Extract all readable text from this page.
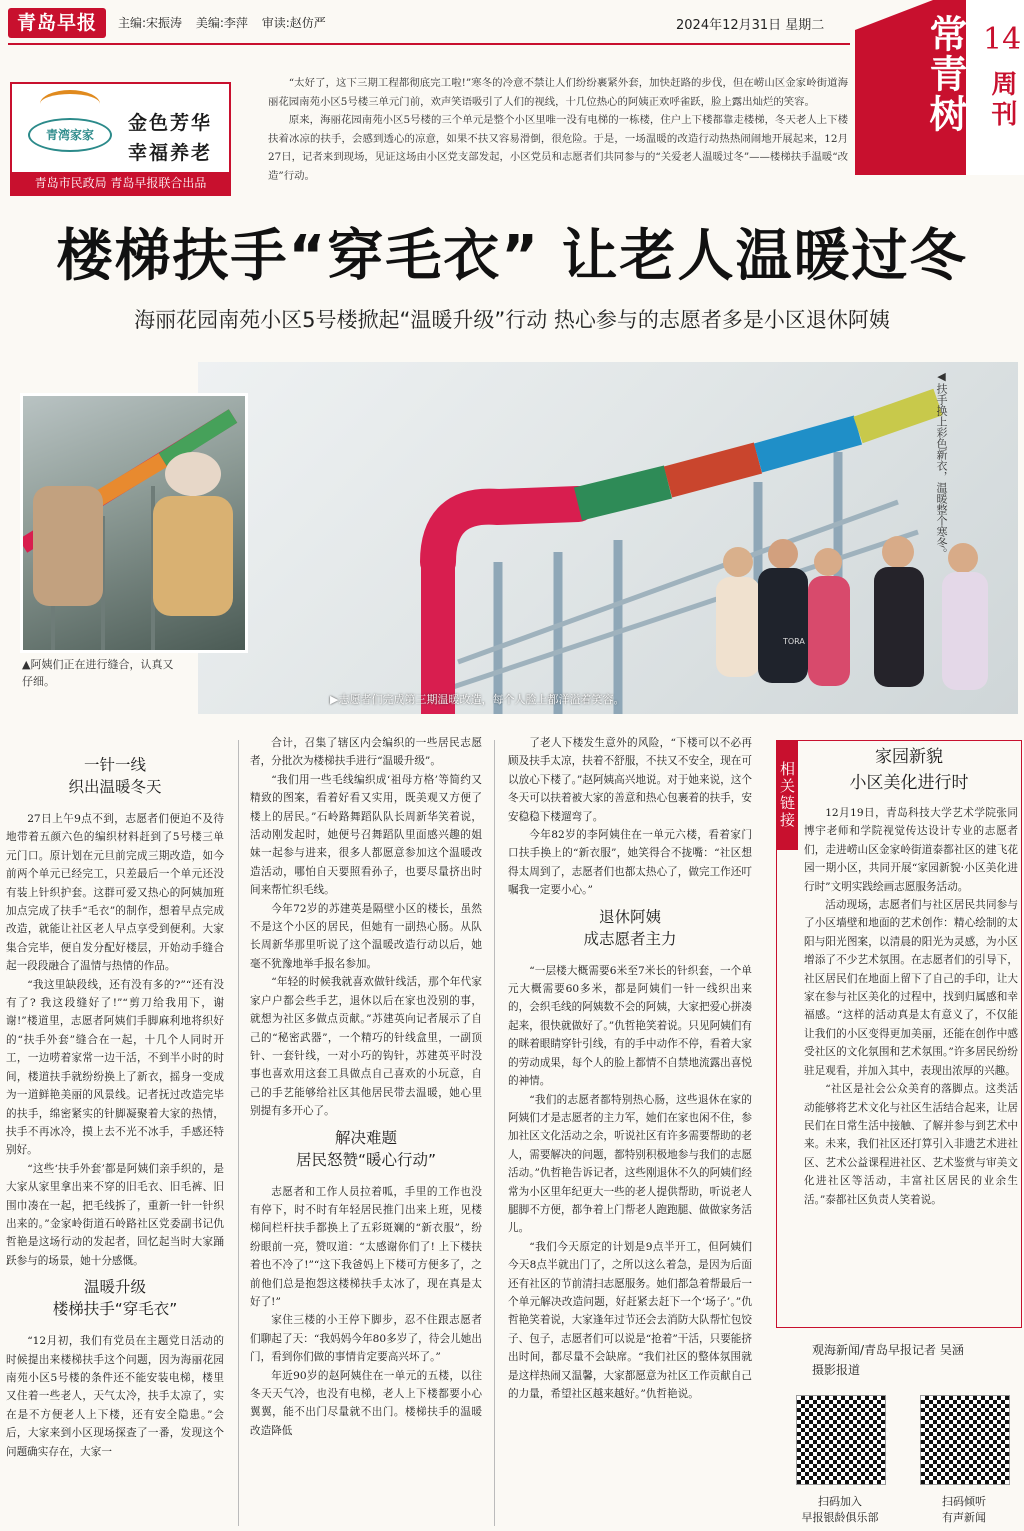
青岛早报	主编:宋振涛 美编:李萍 审读:赵仿严	2024年12月31日 星期二	常青树 14
周刊
青湾家家
金色芳华
幸福养老
青岛市民政局 青岛早报联合出品

“太好了，这下三期工程都彻底完工啦!”寒冬的冷意不禁让人们纷纷裹紧外套，加快赶路的步伐，但在崂山区金家岭街道海丽花园南苑小区5号楼三单元门前，欢声笑语吸引了人们的视线，十几位热心的阿姨正欢呼雀跃，脸上露出灿烂的笑容。

原来，海丽花园南苑小区5号楼的三个单元是整个小区里唯一没有电梯的一栋楼，住户上下楼都靠走楼梯，冬天老人上下楼扶着冰凉的扶手，会感到透心的凉意，如果不扶又容易滑倒，很危险。于是，一场温暖的改造行动热热闹闹地开展起来，12月27日，记者来到现场，见证这场由小区党支部发起，小区党员和志愿者们共同参与的“关爱老人温暖过冬”——楼梯扶手温暖“改造”行动。

楼梯扶手“穿毛衣” 让老人温暖过冬
海丽花园南苑小区5号楼掀起“温暖升级”行动 热心参与的志愿者多是小区退休阿姨
TORA
▶志愿者们完成第三期温暖改造，每个人脸上都洋溢着笑容。
◀扶手换上彩色新衣，温暖整个寒冬。
▲阿姨们正在进行缝合，认真又仔细。
一针一线
织出温暖冬天

27日上午9点不到，志愿者们便迫不及待地带着五颜六色的编织材料赶到了5号楼三单元门口。原计划在元旦前完成三期改造，如今前两个单元已经完工，只差最后一个单元还没有装上针织护套。这群可爱又热心的阿姨加班加点完成了扶手“毛衣”的制作，想着早点完成改造，就能让社区老人早点享受到便利。大家集合完毕，便自发分配好楼层，开始动手缝合起一段段融合了温情与热情的作品。

“我这里缺段线，还有没有多的?”“还有没有了? 我这段缝好了!”“剪刀给我用下，谢谢!”楼道里，志愿者阿姨们手脚麻利地将织好的“扶手外套”缝合在一起，十几个人同时开工，一边唠着家常一边干活，不到半小时的时间，楼道扶手就纷纷换上了新衣，摇身一变成为一道鲜艳美丽的风景线。记者抚过改造完毕的扶手，绵密紧实的针脚凝聚着大家的热情，扶手不再冰冷，摸上去不光不冰手，手感还特别好。

“这些‘扶手外套’都是阿姨们亲手织的，是大家从家里拿出来不穿的旧毛衣、旧毛裤、旧围巾凑在一起，把毛线拆了，重新一针一针织出来的。”金家岭街道石岭路社区党委副书记仇哲艳是这场行动的发起者，回忆起当时大家踊跃参与的场景，她十分感慨。

温暖升级
楼梯扶手“穿毛衣”

“12月初，我们有党员在主题党日活动的时候提出来楼梯扶手这个问题，因为海丽花园南苑小区5号楼的条件还不能安装电梯，楼里又住着一些老人，天气太冷，扶手太凉了，实在是不方便老人上下楼，还有安全隐患。”会后，大家来到小区现场探查了一番，发现这个问题确实存在，大家一

合计，召集了辖区内会编织的一些居民志愿者，分批次为楼梯扶手进行“温暖升级”。

“我们用一些毛线编织成‘祖母方格’等简约又精致的图案，看着好看又实用，既美观又方便了楼上的居民。”石岭路舞蹈队队长周新华笑着说，活动刚发起时，她便号召舞蹈队里面感兴趣的姐妹一起参与进来，很多人都愿意参加这个温暖改造活动，哪怕自天要照看孙子，也要尽量挤出时间来帮忙织毛线。

今年72岁的苏建英是隔壁小区的楼长，虽然不是这个小区的居民，但她有一副热心肠。从队长周新华那里听说了这个温暖改造行动以后，她毫不犹豫地举手报名参加。

“年轻的时候我就喜欢做针线活，那个年代家家户户都会些手艺，退休以后在家也没别的事，就想为社区多做点贡献。”苏建英向记者展示了自己的“秘密武器”，一个精巧的针线盒里，一副顶针、一套针线，一对小巧的钩针，苏建英平时没事也喜欢用这套工具做点自己喜欢的小玩意，自己的手艺能够给社区其他居民带去温暖，她心里别提有多开心了。

解决难题
居民怒赞“暖心行动”

志愿者和工作人员拉着呱，手里的工作也没有停下，时不时有年轻居民推门出来上班，见楼梯间栏杆扶手都换上了五彩斑斓的“新衣服”，纷纷眼前一亮，赞叹道：“太感谢你们了! 上下楼扶着也不冷了!”“这下我爸妈上下楼可方便多了，之前他们总是抱怨这楼梯扶手太冰了，现在真是太好了!”

家住三楼的小王停下脚步，忍不住跟志愿者们聊起了天：“我妈妈今年80多岁了，待会儿她出门，看到你们做的事情肯定要高兴坏了。”

年近90岁的赵阿姨住在一单元的五楼，以往冬天天气冷，也没有电梯，老人上下楼都要小心翼翼，能不出门尽量就不出门。楼梯扶手的温暖改造降低

了老人下楼发生意外的风险，“下楼可以不必再顾及扶手太凉，扶着不舒服，不扶又不安全，现在可以放心下楼了。”赵阿姨高兴地说。对于她来说，这个冬天可以扶着被大家的善意和热心包裹着的扶手，安安稳稳下楼遛弯了。

今年82岁的李阿姨住在一单元六楼，看着家门口扶手换上的“新衣服”，她笑得合不拢嘴：“社区想得太周到了，志愿者们也都太热心了，做完工作还叮嘱我一定要小心。”

退休阿姨
成志愿者主力

“一层楼大概需要6米至7米长的针织套，一个单元大概需要60多米，都是阿姨们一针一线织出来的，会织毛线的阿姨数不会的阿姨，大家把爱心拼凑起来，很快就做好了。”仇哲艳笑着说。只见阿姨们有的眯着眼睛穿针引线，有的手中动作不停，看着大家的劳动成果，每个人的脸上都情不自禁地流露出喜悦的神情。

“我们的志愿者都特别热心肠，这些退休在家的阿姨们才是志愿者的主力军，她们在家也闲不住，参加社区文化活动之余，听说社区有许多需要帮助的老人，需要解决的问题，都特别积极地参与我们的志愿活动。”仇哲艳告诉记者，这些刚退休不久的阿姨们经常为小区里年纪更大一些的老人提供帮助，听说老人腿脚不方便，都争着上门帮老人跑跑腿、做做家务活儿。

“我们今天原定的计划是9点半开工，但阿姨们今天8点半就出门了，之所以这么着急，是因为后面还有社区的节前清扫志愿服务。她们都急着帮最后一个单元解决改造问题，好赶紧去赶下一个‘场子’。”仇哲艳笑着说，大家逢年过节还会去消防大队帮忙包饺子、包子，志愿者们可以说是“抢着”干活，只要能挤出时间，都尽量不会缺席。“我们社区的整体氛围就是这样热闹又温馨，大家都愿意为社区工作贡献自己的力量，希望社区越来越好。”仇哲艳说。

相关链接
家园新貌
小区美化进行时

12月19日，青岛科技大学艺术学院张同博宇老师和学院视觉传达设计专业的志愿者们，走进崂山区金家岭街道泰都社区的建飞花园一期小区，共同开展“家园新貌·小区美化进行时”文明实践绘画志愿服务活动。

活动现场，志愿者们与社区居民共同参与了小区墙壁和地面的艺术创作：精心绘制的太阳与阳光图案，以清晨的阳光为灵感，为小区增添了不少艺术氛围。在志愿者们的引导下，社区居民们在地面上留下了自己的手印，让大家在参与社区美化的过程中，找到归属感和幸福感。“这样的活动真是太有意义了，不仅能让我们的小区变得更加美丽，还能在创作中感受社区的文化氛围和艺术氛围。”许多居民纷纷驻足观看，并加入其中，表现出浓厚的兴趣。

“社区是社会公众美育的落脚点。这类活动能够将艺术文化与社区生活结合起来，让居民们在日常生活中接触、了解并参与到艺术中来。未来，我们社区还打算引入非遗艺术进社区、艺术公益课程进社区、艺术鉴赏与审美文化进社区等活动，丰富社区居民的业余生活。”泰都社区负责人笑着说。

观海新闻/青岛早报记者 吴涵
摄影报道
扫码加入
早报银龄俱乐部
扫码倾听
有声新闻
